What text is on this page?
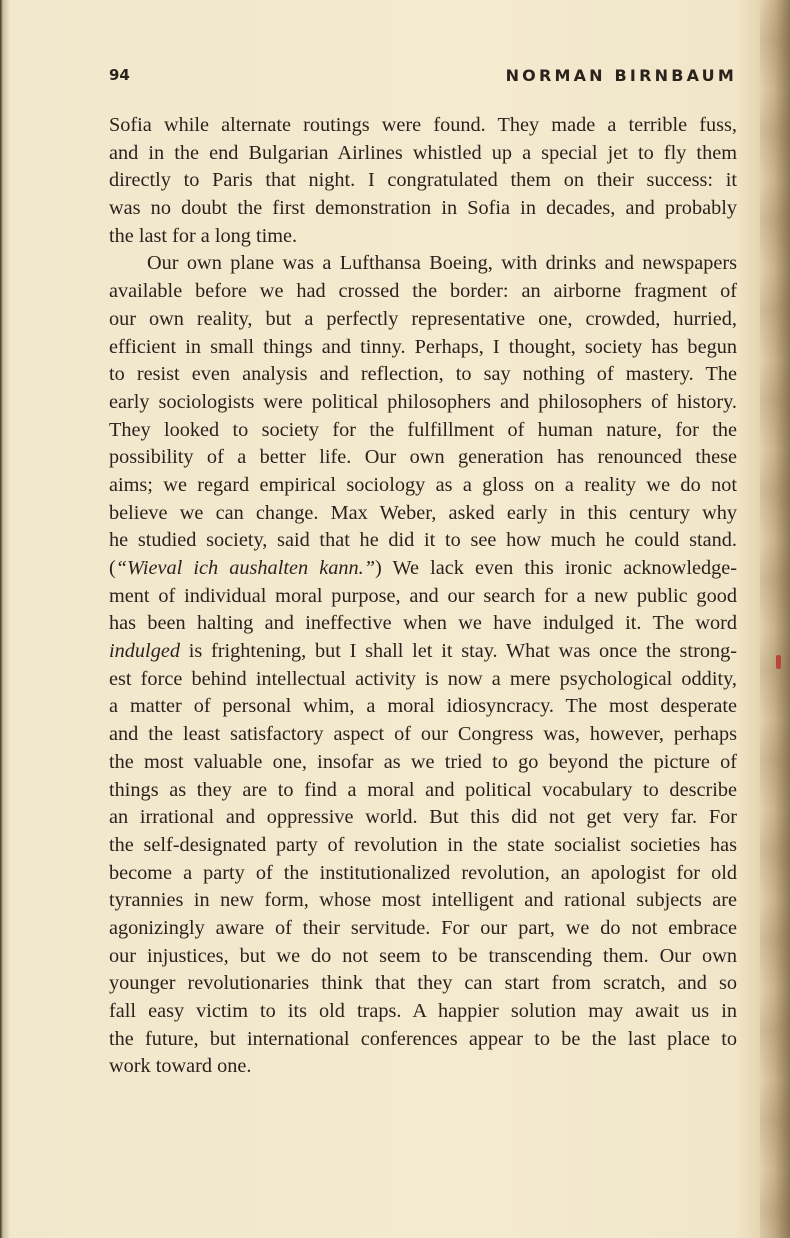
94	NORMAN BIRNBAUM
Sofia while alternate routings were found. They made a terrible fuss,
and in the end Bulgarian Airlines whistled up a special jet to fly them
directly to Paris that night. I congratulated them on their success: it
was no doubt the first demonstration in Sofia in decades, and probably
the last for a long time.
Our own plane was a Lufthansa Boeing, with drinks and newspapers
available before we had crossed the border: an airborne fragment of
our own reality, but a perfectly representative one, crowded, hurried,
efficient in small things and tinny. Perhaps, I thought, society has begun
to resist even analysis and reflection, to say nothing of mastery. The
early sociologists were political philosophers and philosophers of history.
They looked to society for the fulfillment of human nature, for the
possibility of a better life. Our own generation has renounced these
aims; we regard empirical sociology as a gloss on a reality we do not
believe we can change. Max Weber, asked early in this century why
he studied society, said that he did it to see how much he could stand.
(“Wieval ich aushalten kann.”) We lack even this ironic acknowledge-
ment of individual moral purpose, and our search for a new public good
has been halting and ineffective when we have indulged it. The word
indulged is frightening, but I shall let it stay. What was once the strong-
est force behind intellectual activity is now a mere psychological oddity,
a matter of personal whim, a moral idiosyncracy. The most desperate
and the least satisfactory aspect of our Congress was, however, perhaps
the most valuable one, insofar as we tried to go beyond the picture of
things as they are to find a moral and political vocabulary to describe
an irrational and oppressive world. But this did not get very far. For
the self-designated party of revolution in the state socialist societies has
become a party of the institutionalized revolution, an apologist for old
tyrannies in new form, whose most intelligent and rational subjects are
agonizingly aware of their servitude. For our part, we do not embrace
our injustices, but we do not seem to be transcending them. Our own
younger revolutionaries think that they can start from scratch, and so
fall easy victim to its old traps. A happier solution may await us in
the future, but international conferences appear to be the last place to
work toward one.
